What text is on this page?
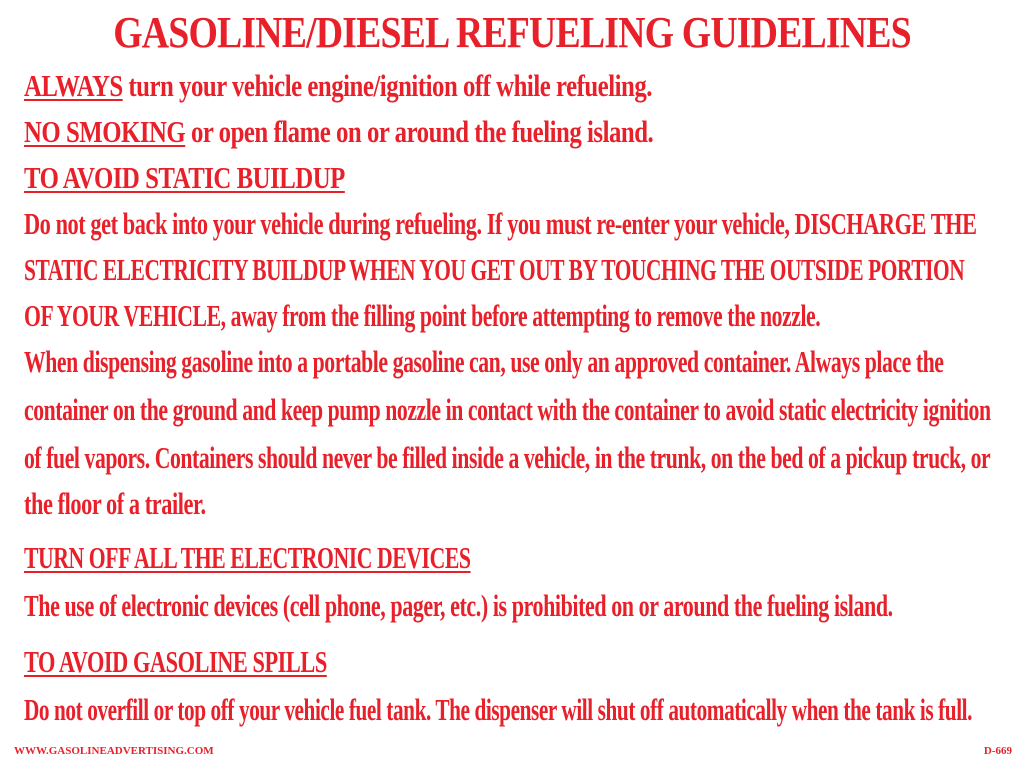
GASOLINE/DIESEL REFUELING GUIDELINES
ALWAYS turn your vehicle engine/ignition off while refueling.
NO SMOKING or open flame on or around the fueling island.
TO AVOID STATIC BUILDUP
Do not get back into your vehicle during refueling. If you must re-enter your vehicle, DISCHARGE THE
STATIC ELECTRICITY BUILDUP WHEN YOU GET OUT BY TOUCHING THE OUTSIDE PORTION
OF YOUR VEHICLE, away from the filling point before attempting to remove the nozzle.
When dispensing gasoline into a portable gasoline can, use only an approved container. Always place the
container on the ground and keep pump nozzle in contact with the container to avoid static electricity ignition
of fuel vapors. Containers should never be filled inside a vehicle, in the trunk, on the bed of a pickup truck, or
the floor of a trailer.
TURN OFF ALL THE ELECTRONIC DEVICES
The use of electronic devices (cell phone, pager, etc.) is prohibited on or around the fueling island.
TO AVOID GASOLINE SPILLS
Do not overfill or top off your vehicle fuel tank. The dispenser will shut off automatically when the tank is full.
WWW.GASOLINEADVERTISING.COM	D-669
